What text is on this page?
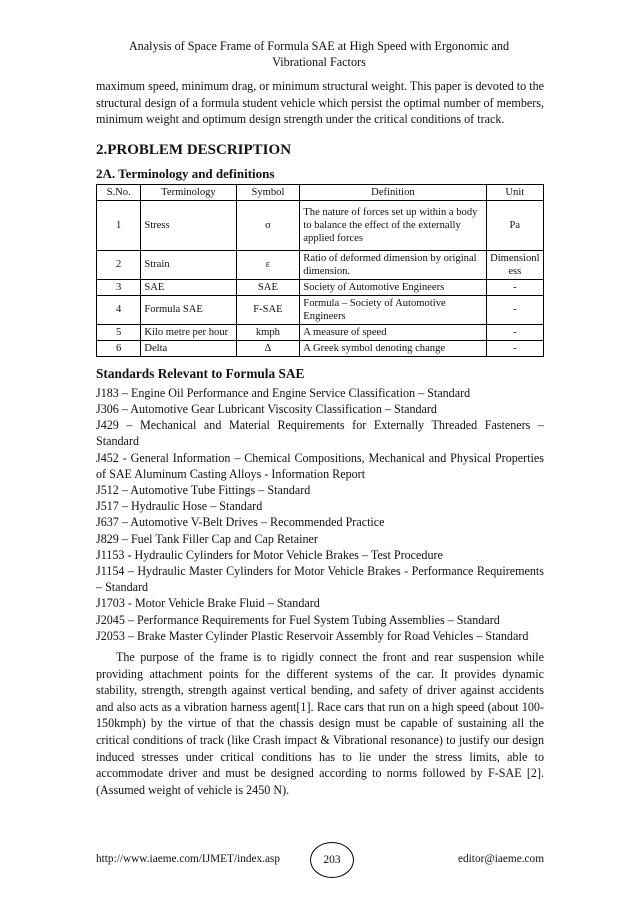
Analysis of Space Frame of Formula SAE at High Speed with Ergonomic and
Vibrational Factors

maximum speed, minimum drag, or minimum structural weight. This paper is devoted to the structural design of a formula student vehicle which persist the optimal number of members, minimum weight and optimum design strength under the critical conditions of track.

2.PROBLEM DESCRIPTION
2A. Terminology and definitions
S.No.	Terminology	Symbol	Definition	Unit
1	Stress	σ	The nature of forces set up within a body to balance the effect of the externally applied forces	Pa
2	Strain	ε	Ratio of deformed dimension by original dimension.	Dimensionless
3	SAE	SAE	Society of Automotive Engineers	-
4	Formula SAE	F-SAE	Formula – Society of Automotive Engineers	-
5	Kilo metre per hour	kmph	A measure of speed	-
6	Delta	Δ	A Greek symbol denoting change	-
Standards Relevant to Formula SAE

J183 – Engine Oil Performance and Engine Service Classification – Standard

J306 – Automotive Gear Lubricant Viscosity Classification – Standard

J429 – Mechanical and Material Requirements for Externally Threaded Fasteners – Standard

J452 - General Information – Chemical Compositions, Mechanical and Physical Properties of SAE Aluminum Casting Alloys - Information Report

J512 – Automotive Tube Fittings – Standard

J517 – Hydraulic Hose – Standard

J637 – Automotive V-Belt Drives – Recommended Practice

J829 – Fuel Tank Filler Cap and Cap Retainer

J1153 - Hydraulic Cylinders for Motor Vehicle Brakes – Test Procedure

J1154 – Hydraulic Master Cylinders for Motor Vehicle Brakes - Performance Requirements – Standard

J1703 - Motor Vehicle Brake Fluid – Standard

J2045 – Performance Requirements for Fuel System Tubing Assemblies – Standard

J2053 – Brake Master Cylinder Plastic Reservoir Assembly for Road Vehicles – Standard

The purpose of the frame is to rigidly connect the front and rear suspension while providing attachment points for the different systems of the car. It provides dynamic stability, strength, strength against vertical bending, and safety of driver against accidents and also acts as a vibration harness agent[1]. Race cars that run on a high speed (about 100-150kmph) by the virtue of that the chassis design must be capable of sustaining all the critical conditions of track (like Crash impact & Vibrational resonance) to justify our design induced stresses under critical conditions has to lie under the stress limits, able to accommodate driver and must be designed according to norms followed by F-SAE [2]. (Assumed weight of vehicle is 2450 N).

http://www.iaeme.com/IJMET/index.asp	203	editor@iaeme.com
